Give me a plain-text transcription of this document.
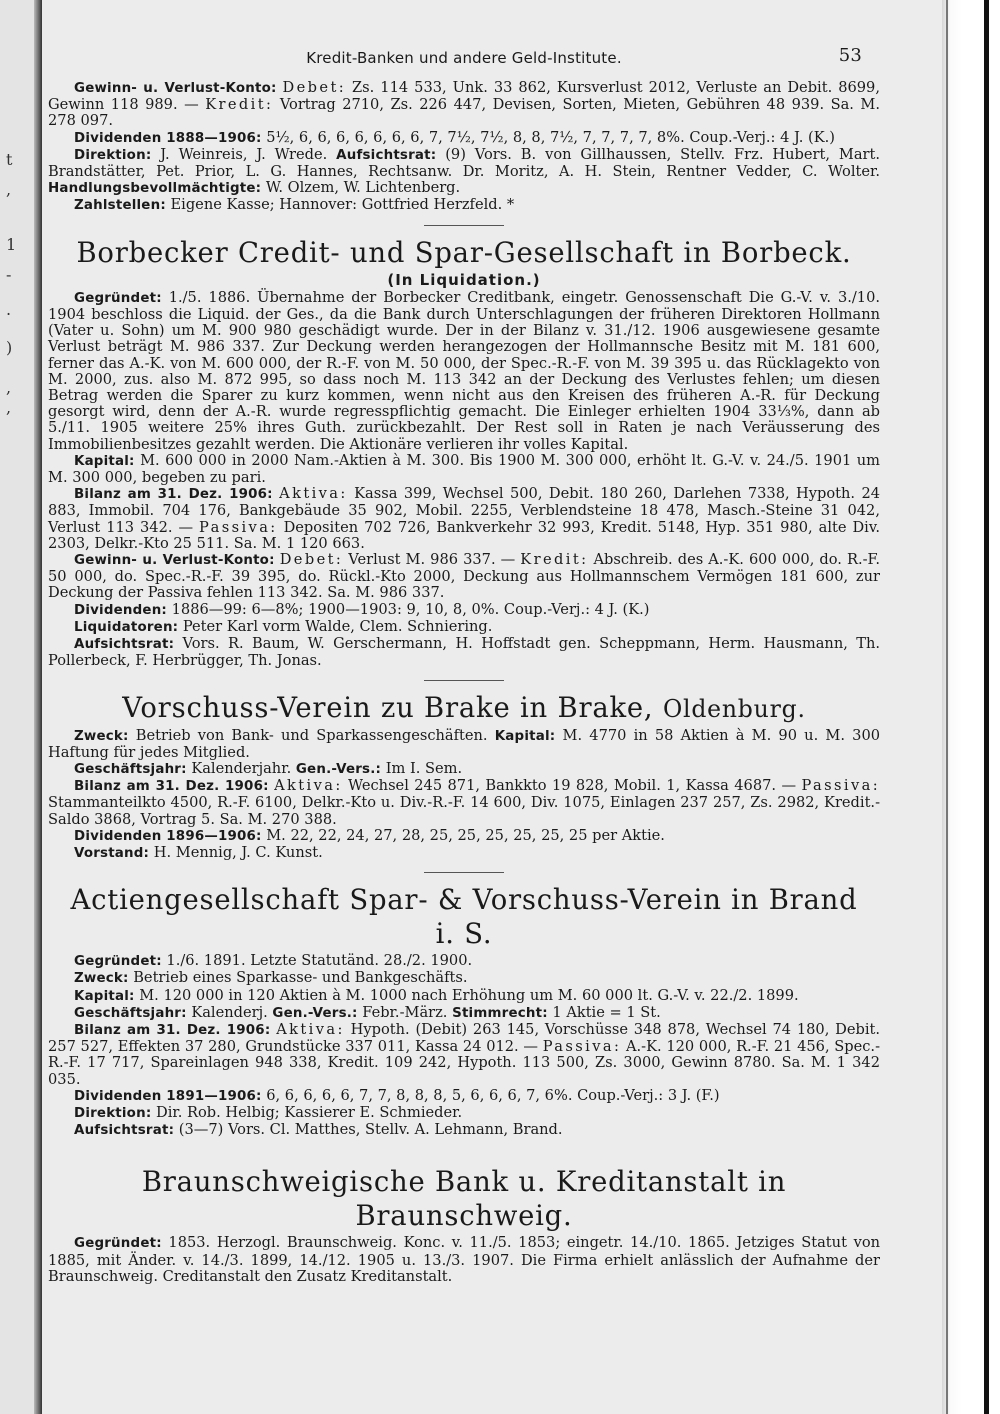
t
,
1
-
.
)
,
,
Kredit-Banken und andere Geld-Institute.	53

Gewinn- u. Verlust-Konto: Debet: Zs. 114 533, Unk. 33 862, Kursverlust 2012, Verluste an Debit. 8699, Gewinn 118 989. — Kredit: Vortrag 2710, Zs. 226 447, Devisen, Sorten, Mieten, Gebühren 48 939. Sa. M. 278 097.

Dividenden 1888—1906: 5½, 6, 6, 6, 6, 6, 6, 6, 7, 7½, 7½, 8, 8, 7½, 7, 7, 7, 7, 8%. Coup.-Verj.: 4 J. (K.)

Direktion: J. Weinreis, J. Wrede. Aufsichtsrat: (9) Vors. B. von Gillhaussen, Stellv. Frz. Hubert, Mart. Brandstätter, Pet. Prior, L. G. Hannes, Rechtsanw. Dr. Moritz, A. H. Stein, Rentner Vedder, C. Wolter. Handlungsbevollmächtigte: W. Olzem, W. Lichtenberg.

Zahlstellen: Eigene Kasse; Hannover: Gottfried Herzfeld. *

Borbecker Credit- und Spar-Gesellschaft in Borbeck.
(In Liquidation.)

Gegründet: 1./5. 1886. Übernahme der Borbecker Creditbank, eingetr. Genossenschaft Die G.-V. v. 3./10. 1904 beschloss die Liquid. der Ges., da die Bank durch Unterschlagungen der früheren Direktoren Hollmann (Vater u. Sohn) um M. 900 980 geschädigt wurde. Der in der Bilanz v. 31./12. 1906 ausgewiesene gesamte Verlust beträgt M. 986 337. Zur Deckung werden herangezogen der Hollmannsche Besitz mit M. 181 600, ferner das A.-K. von M. 600 000, der R.-F. von M. 50 000, der Spec.-R.-F. von M. 39 395 u. das Rücklagekto von M. 2000, zus. also M. 872 995, so dass noch M. 113 342 an der Deckung des Verlustes fehlen; um diesen Betrag werden die Sparer zu kurz kommen, wenn nicht aus den Kreisen des früheren A.-R. für Deckung gesorgt wird, denn der A.-R. wurde regresspflichtig gemacht. Die Einleger erhielten 1904 33⅓%, dann ab 5./11. 1905 weitere 25% ihres Guth. zurückbezahlt. Der Rest soll in Raten je nach Veräusserung des Immobilienbesitzes gezahlt werden. Die Aktionäre verlieren ihr volles Kapital.

Kapital: M. 600 000 in 2000 Nam.-Aktien à M. 300. Bis 1900 M. 300 000, erhöht lt. G.-V. v. 24./5. 1901 um M. 300 000, begeben zu pari.

Bilanz am 31. Dez. 1906: Aktiva: Kassa 399, Wechsel 500, Debit. 180 260, Darlehen 7338, Hypoth. 24 883, Immobil. 704 176, Bankgebäude 35 902, Mobil. 2255, Verblendsteine 18 478, Masch.-Steine 31 042, Verlust 113 342. — Passiva: Depositen 702 726, Bankverkehr 32 993, Kredit. 5148, Hyp. 351 980, alte Div. 2303, Delkr.-Kto 25 511. Sa. M. 1 120 663.

Gewinn- u. Verlust-Konto: Debet: Verlust M. 986 337. — Kredit: Abschreib. des A.-K. 600 000, do. R.-F. 50 000, do. Spec.-R.-F. 39 395, do. Rückl.-Kto 2000, Deckung aus Hollmannschem Vermögen 181 600, zur Deckung der Passiva fehlen 113 342. Sa. M. 986 337.

Dividenden: 1886—99: 6—8%; 1900—1903: 9, 10, 8, 0%. Coup.-Verj.: 4 J. (K.)

Liquidatoren: Peter Karl vorm Walde, Clem. Schniering.

Aufsichtsrat: Vors. R. Baum, W. Gerschermann, H. Hoffstadt gen. Scheppmann, Herm. Hausmann, Th. Pollerbeck, F. Herbrügger, Th. Jonas.

Vorschuss-Verein zu Brake in Brake, Oldenburg.

Zweck: Betrieb von Bank- und Sparkassengeschäften. Kapital: M. 4770 in 58 Aktien à M. 90 u. M. 300 Haftung für jedes Mitglied.

Geschäftsjahr: Kalenderjahr. Gen.-Vers.: Im I. Sem.

Bilanz am 31. Dez. 1906: Aktiva: Wechsel 245 871, Bankkto 19 828, Mobil. 1, Kassa 4687. — Passiva: Stammanteilkto 4500, R.-F. 6100, Delkr.-Kto u. Div.-R.-F. 14 600, Div. 1075, Einlagen 237 257, Zs. 2982, Kredit.-Saldo 3868, Vortrag 5. Sa. M. 270 388.

Dividenden 1896—1906: M. 22, 22, 24, 27, 28, 25, 25, 25, 25, 25, 25 per Aktie.

Vorstand: H. Mennig, J. C. Kunst.

Actiengesellschaft Spar- & Vorschuss-Verein in Brand i. S.

Gegründet: 1./6. 1891. Letzte Statutänd. 28./2. 1900.

Zweck: Betrieb eines Sparkasse- und Bankgeschäfts.

Kapital: M. 120 000 in 120 Aktien à M. 1000 nach Erhöhung um M. 60 000 lt. G.-V. v. 22./2. 1899.

Geschäftsjahr: Kalenderj. Gen.-Vers.: Febr.-März. Stimmrecht: 1 Aktie = 1 St.

Bilanz am 31. Dez. 1906: Aktiva: Hypoth. (Debit) 263 145, Vorschüsse 348 878, Wechsel 74 180, Debit. 257 527, Effekten 37 280, Grundstücke 337 011, Kassa 24 012. — Passiva: A.-K. 120 000, R.-F. 21 456, Spec.-R.-F. 17 717, Spareinlagen 948 338, Kredit. 109 242, Hypoth. 113 500, Zs. 3000, Gewinn 8780. Sa. M. 1 342 035.

Dividenden 1891—1906: 6, 6, 6, 6, 6, 7, 7, 8, 8, 8, 5, 6, 6, 6, 7, 6%. Coup.-Verj.: 3 J. (F.)

Direktion: Dir. Rob. Helbig; Kassierer E. Schmieder.

Aufsichtsrat: (3—7) Vors. Cl. Matthes, Stellv. A. Lehmann, Brand.

Braunschweigische Bank u. Kreditanstalt in Braunschweig.

Gegründet: 1853. Herzogl. Braunschweig. Konc. v. 11./5. 1853; eingetr. 14./10. 1865. Jetziges Statut von 1885, mit Änder. v. 14./3. 1899, 14./12. 1905 u. 13./3. 1907. Die Firma erhielt anlässlich der Aufnahme der Braunschweig. Creditanstalt den Zusatz Kreditanstalt.
